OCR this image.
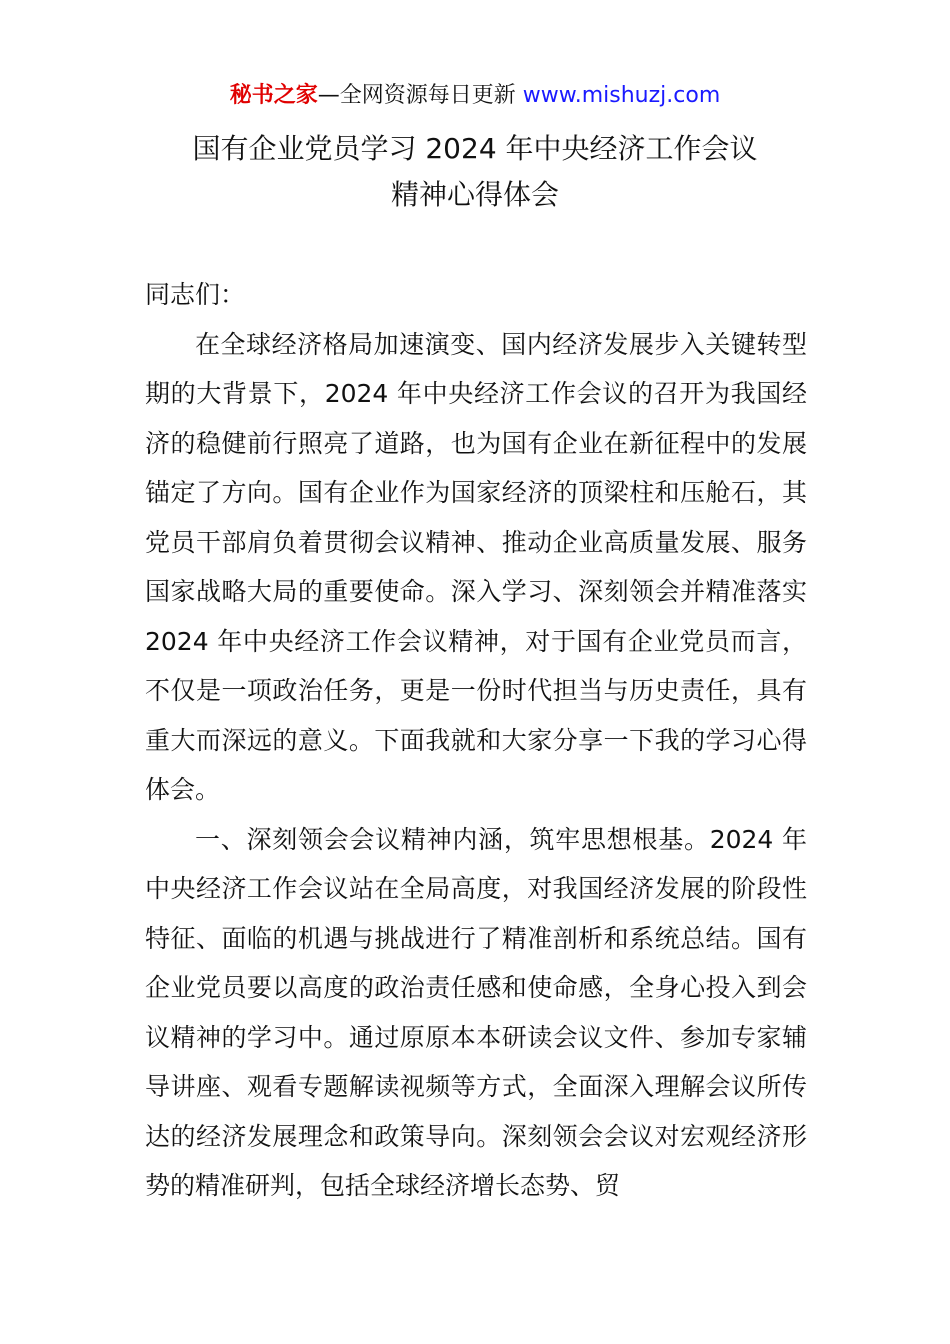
秘书之家—全网资源每日更新 www.mishuzj.com
国有企业党员学习 2024 年中央经济工作会议
精神心得体会

同志们：

在全球经济格局加速演变、国内经济发展步入关键转型期的大背景下，2024 年中央经济工作会议的召开为我国经济的稳健前行照亮了道路，也为国有企业在新征程中的发展锚定了方向。国有企业作为国家经济的顶梁柱和压舱石，其党员干部肩负着贯彻会议精神、推动企业高质量发展、服务国家战略大局的重要使命。深入学习、深刻领会并精准落实 2024 年中央经济工作会议精神，对于国有企业党员而言，不仅是一项政治任务，更是一份时代担当与历史责任，具有重大而深远的意义。下面我就和大家分享一下我的学习心得体会。

一、深刻领会会议精神内涵，筑牢思想根基。2024 年中央经济工作会议站在全局高度，对我国经济发展的阶段性特征、面临的机遇与挑战进行了精准剖析和系统总结。国有企业党员要以高度的政治责任感和使命感，全身心投入到会议精神的学习中。通过原原本本研读会议文件、参加专家辅导讲座、观看专题解读视频等方式，全面深入理解会议所传达的经济发展理念和政策导向。深刻领会会议对宏观经济形势的精准研判，包括全球经济增长态势、贸
